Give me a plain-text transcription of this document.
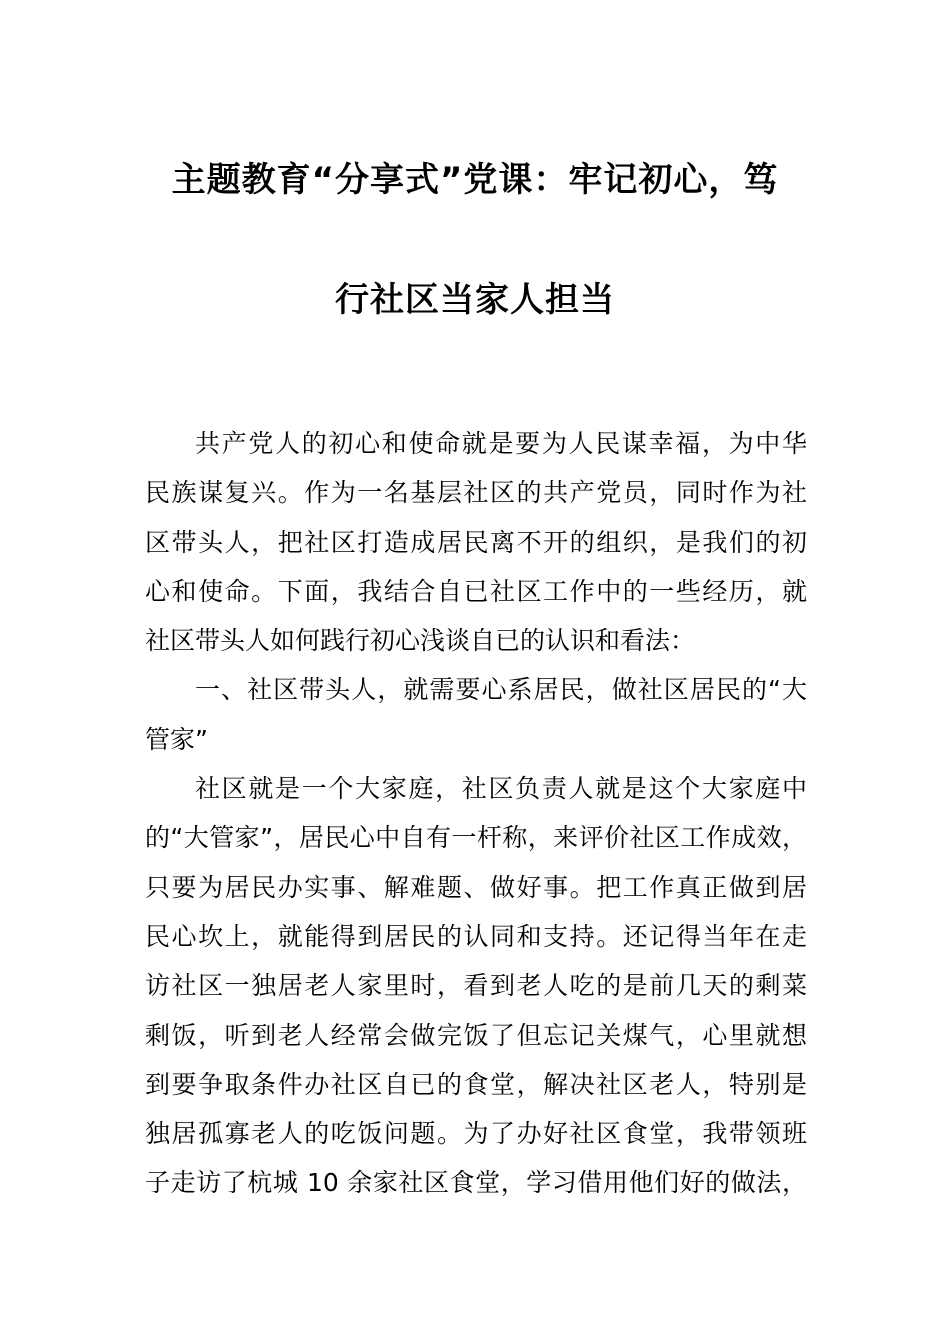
主题教育“分享式”党课：牢记初心，笃
行社区当家人担当
共产党人的初心和使命就是要为人民谋幸福，为中华
民族谋复兴。作为一名基层社区的共产党员，同时作为社
区带头人，把社区打造成居民离不开的组织，是我们的初
心和使命。下面，我结合自已社区工作中的一些经历，就
社区带头人如何践行初心浅谈自已的认识和看法：
一、社区带头人，就需要心系居民，做社区居民的“大
管家”
社区就是一个大家庭，社区负责人就是这个大家庭中
的“大管家”，居民心中自有一杆称，来评价社区工作成效，
只要为居民办实事、解难题、做好事。把工作真正做到居
民心坎上，就能得到居民的认同和支持。还记得当年在走
访社区一独居老人家里时，看到老人吃的是前几天的剩菜
剩饭，听到老人经常会做完饭了但忘记关煤气，心里就想
到要争取条件办社区自已的食堂，解决社区老人，特别是
独居孤寡老人的吃饭问题。为了办好社区食堂，我带领班
子走访了杭城 10 余家社区食堂，学习借用他们好的做法，
